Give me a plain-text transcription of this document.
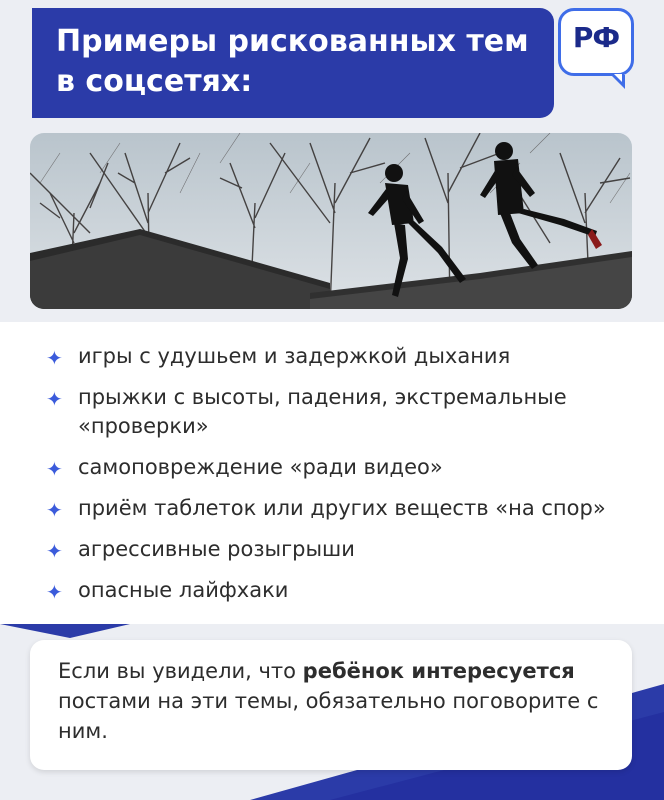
Примеры рискованных тем в соцсетях:
РФ
✦ игры с удушьем и задержкой дыхания
✦ прыжки с высоты, падения, экстремальные «проверки»
✦ самоповреждение «ради видео»
✦ приём таблеток или других веществ «на спор»
✦ агрессивные розыгрыши
✦ опасные лайфхаки

Если вы увидели, что ребёнок интересуется постами на эти темы, обязательно поговорите с ним.
